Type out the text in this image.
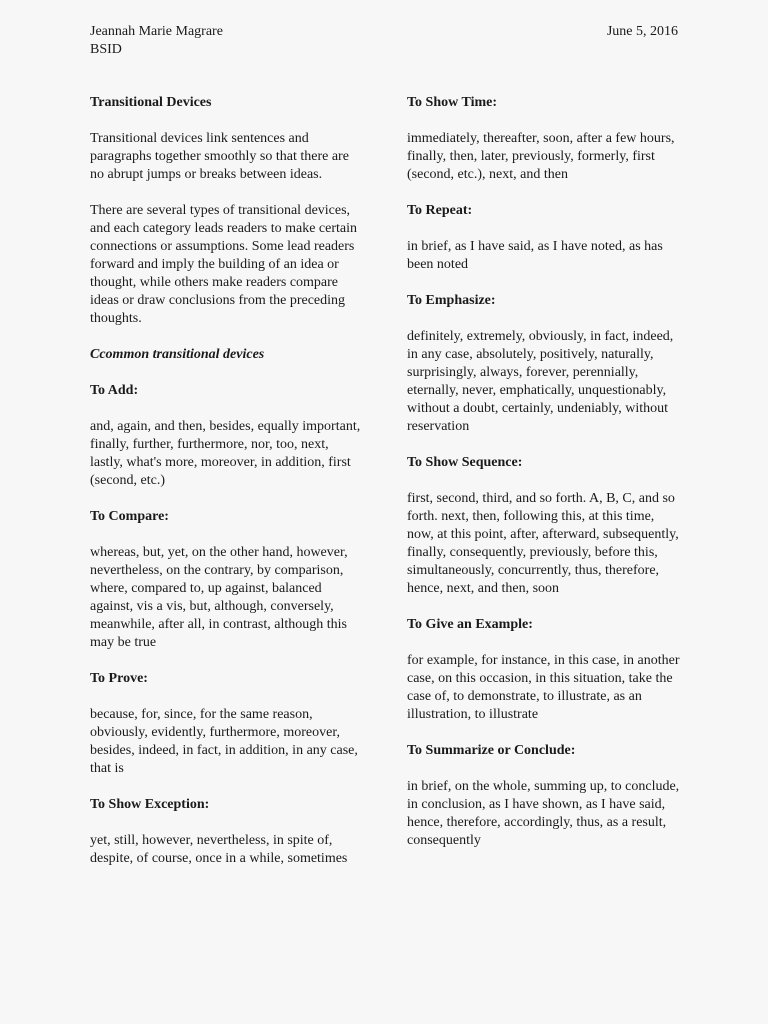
Jeannah Marie Magrare
BSID
June 5, 2016
Transitional Devices
Transitional devices link sentences and paragraphs together smoothly so that there are no abrupt jumps or breaks between ideas.
There are several types of transitional devices, and each category leads readers to make certain connections or assumptions. Some lead readers forward and imply the building of an idea or thought, while others make readers compare ideas or draw conclusions from the preceding thoughts.
Ccommon transitional devices
To Add:
and, again, and then, besides, equally important, finally, further, furthermore, nor, too, next, lastly, what's more, moreover, in addition, first (second, etc.)
To Compare:
whereas, but, yet, on the other hand, however, nevertheless, on the contrary, by comparison, where, compared to, up against, balanced against, vis a vis, but, although, conversely, meanwhile, after all, in contrast, although this may be true
To Prove:
because, for, since, for the same reason, obviously, evidently, furthermore, moreover, besides, indeed, in fact, in addition, in any case, that is
To Show Exception:
yet, still, however, nevertheless, in spite of, despite, of course, once in a while, sometimes
To Show Time:
immediately, thereafter, soon, after a few hours, finally, then, later, previously, formerly, first (second, etc.), next, and then
To Repeat:
in brief, as I have said, as I have noted, as has been noted
To Emphasize:
definitely, extremely, obviously, in fact, indeed, in any case, absolutely, positively, naturally, surprisingly, always, forever, perennially, eternally, never, emphatically, unquestionably, without a doubt, certainly, undeniably, without reservation
To Show Sequence:
first, second, third, and so forth. A, B, C, and so forth. next, then, following this, at this time, now, at this point, after, afterward, subsequently, finally, consequently, previously, before this, simultaneously, concurrently, thus, therefore, hence, next, and then, soon
To Give an Example:
for example, for instance, in this case, in another case, on this occasion, in this situation, take the case of, to demonstrate, to illustrate, as an illustration, to illustrate
To Summarize or Conclude:
in brief, on the whole, summing up, to conclude, in conclusion, as I have shown, as I have said, hence, therefore, accordingly, thus, as a result, consequently
